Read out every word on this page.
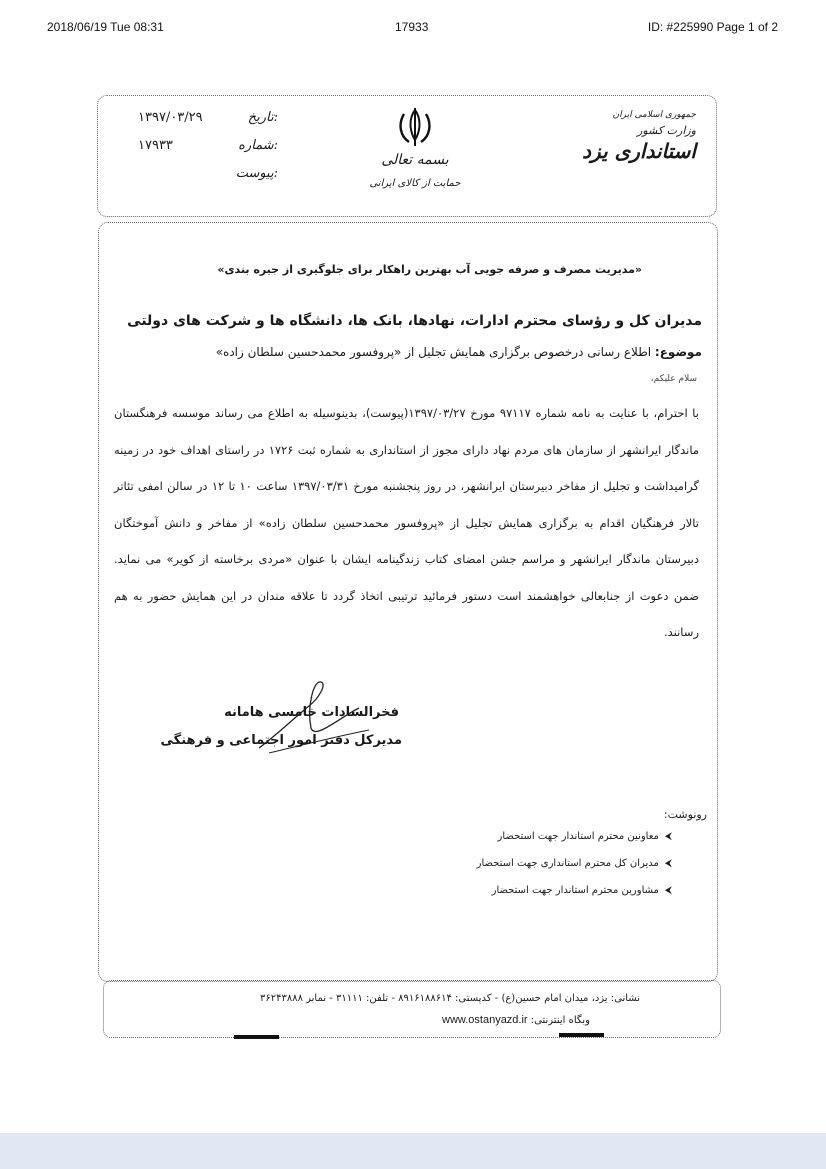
2018/06/19 Tue 08:31	17933	ID: #225990 Page 1 of 2
تاریخ:
۱۳۹۷/۰۳/۲۹
شماره:
۱۷۹۳۳
پیوست:
بسمه تعالی
حمایت از کالای ایرانی
جمهوری اسلامی ایران
وزارت کشور
استانداری یزد
«مدیریت مصرف و صرفه جویی آب بهترین راهکار برای جلوگیری از جیره بندی»
مدیران کل و رؤسای محترم ادارات، نهادها، بانک ها، دانشگاه ها و شرکت های دولتی
موضوع: اطلاع رسانی درخصوص برگزاری همایش تجلیل از «پروفسور محمدحسین سلطان زاده»
سلام علیکم،
با احترام، با عنایت به نامه شماره ۹۷۱۱۷ مورخ ۱۳۹۷/۰۳/۲۷(پیوست)، بدینوسیله به اطلاع می رساند موسسه فرهنگستان ماندگار ایرانشهر از سازمان های مردم نهاد دارای مجوز از استانداری به شماره ثبت ۱۷۲۶ در راستای اهداف خود در زمینه گرامیداشت و تجلیل از مفاخر دبیرستان ایرانشهر، در روز پنجشنبه مورخ ۱۳۹۷/۰۳/۳۱ ساعت ۱۰ تا ۱۲ در سالن امفی تئاتر تالار فرهنگیان اقدام به برگزاری همایش تجلیل از «پروفسور محمدحسین سلطان زاده» از مفاخر و دانش آموختگان دبیرستان ماندگار ایرانشهر و مراسم جشن امضای کتاب زندگینامه ایشان با عنوان «مردی برخاسته از کویر» می نماید. ضمن دعوت از جنابعالی خواهشمند است دستور فرمائید ترتیبی اتخاذ گردد تا علاقه مندان در این همایش حضور به هم رسانند.
فخرالسادات خامسی هامانه
مدیرکل دفتر امور اجتماعی و فرهنگی
رونوشت:
⮜معاونین محترم استاندار جهت استحضار
⮜مدیران کل محترم استانداری جهت استحضار
⮜مشاورین محترم استاندار جهت استحضار
نشانی: یزد، میدان امام حسین(ع) - کدپستی: ۸۹۱۶۱۸۸۶۱۴ - تلفن: ۳۱۱۱۱ - نمابر ۳۶۲۴۳۸۸۸
وبگاه اینترنتی: www.ostanyazd.ir
